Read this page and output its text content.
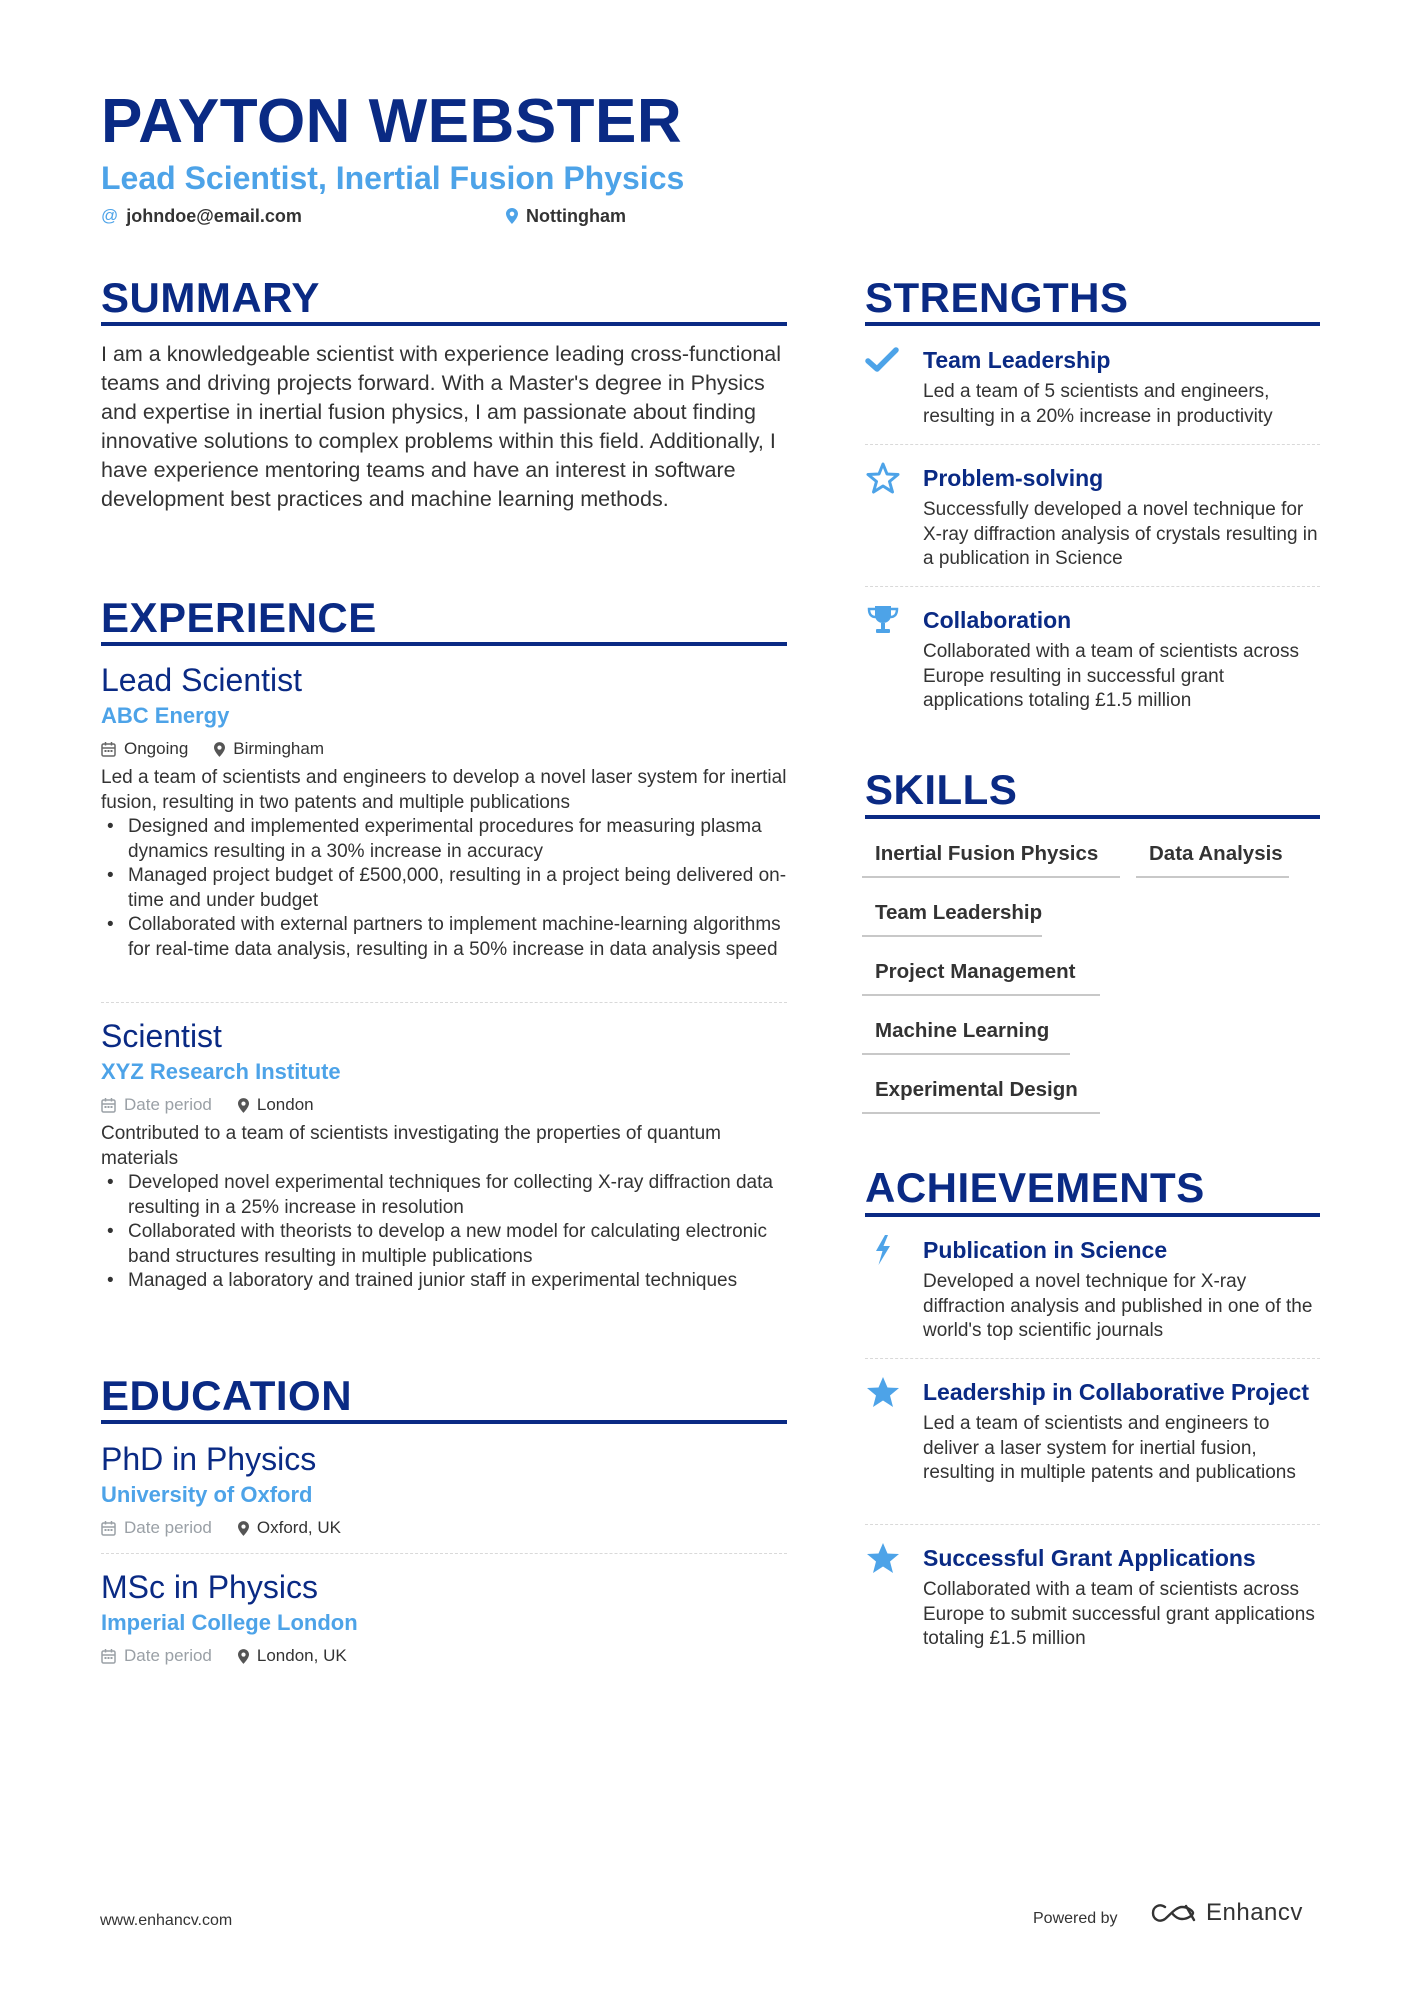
PAYTON WEBSTER
Lead Scientist, Inertial Fusion Physics
@ johndoe@email.com	Nottingham
SUMMARY

I am a knowledgeable scientist with experience leading cross-functional teams and driving projects forward. With a Master's degree in Physics and expertise in inertial fusion physics, I am passionate about finding innovative solutions to complex problems within this field. Additionally, I have experience mentoring teams and have an interest in software development best practices and machine learning methods.

EXPERIENCE
Lead Scientist
ABC Energy
Ongoing	Birmingham

Led a team of scientists and engineers to develop a novel laser system for inertial fusion, resulting in two patents and multiple publications

• Designed and implemented experimental procedures for measuring plasma dynamics resulting in a 30% increase in accuracy
• Managed project budget of £500,000, resulting in a project being delivered on-time and under budget
• Collaborated with external partners to implement machine-learning algorithms for real-time data analysis, resulting in a 50% increase in data analysis speed
Scientist
XYZ Research Institute
Date period	London

Contributed to a team of scientists investigating the properties of quantum materials

• Developed novel experimental techniques for collecting X-ray diffraction data resulting in a 25% increase in resolution
• Collaborated with theorists to develop a new model for calculating electronic band structures resulting in multiple publications
• Managed a laboratory and trained junior staff in experimental techniques
EDUCATION
PhD in Physics
University of Oxford
Date period	Oxford, UK
MSc in Physics
Imperial College London
Date period	London, UK
STRENGTHS
Team Leadership

Led a team of 5 scientists and engineers, resulting in a 20% increase in productivity

Problem-solving

Successfully developed a novel technique for X-ray diffraction analysis of crystals resulting in a publication in Science

Collaboration

Collaborated with a team of scientists across Europe resulting in successful grant applications totaling £1.5 million

SKILLS
Inertial Fusion Physics	Data Analysis
Team Leadership
Project Management
Machine Learning
Experimental Design
ACHIEVEMENTS
Publication in Science

Developed a novel technique for X-ray diffraction analysis and published in one of the world's top scientific journals

Leadership in Collaborative Project

Led a team of scientists and engineers to deliver a laser system for inertial fusion, resulting in multiple patents and publications

Successful Grant Applications

Collaborated with a team of scientists across Europe to submit successful grant applications totaling £1.5 million

www.enhancv.com	Powered by	Enhancv
